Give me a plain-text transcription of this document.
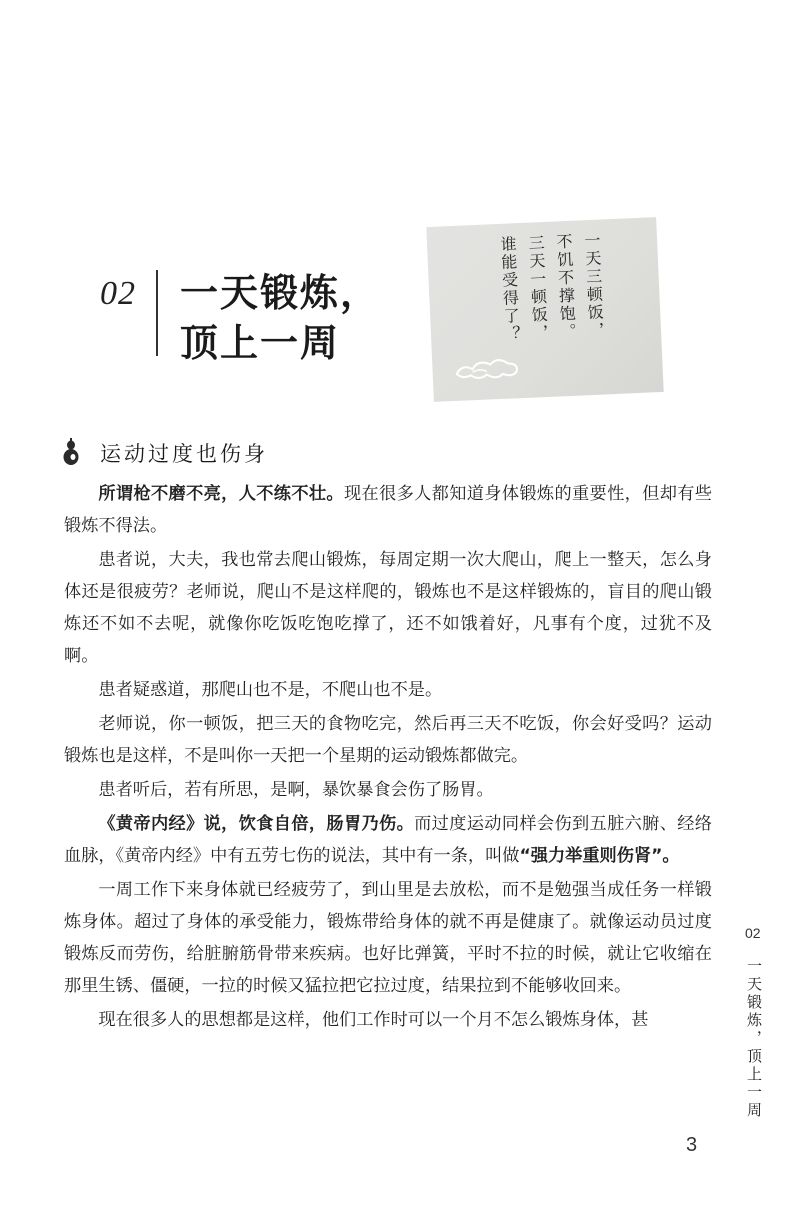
02 一天锻炼，
顶上一周
一天三顿饭，
不饥不撑饱。
三天一顿饭，
谁能受得了？
运动过度也伤身

所谓枪不磨不亮，人不练不壮。现在很多人都知道身体锻炼的重要性，但却有些锻炼不得法。

患者说，大夫，我也常去爬山锻炼，每周定期一次大爬山，爬上一整天，怎么身体还是很疲劳？老师说，爬山不是这样爬的，锻炼也不是这样锻炼的，盲目的爬山锻炼还不如不去呢，就像你吃饭吃饱吃撑了，还不如饿着好，凡事有个度，过犹不及啊。

患者疑惑道，那爬山也不是，不爬山也不是。

老师说，你一顿饭，把三天的食物吃完，然后再三天不吃饭，你会好受吗？运动锻炼也是这样，不是叫你一天把一个星期的运动锻炼都做完。

患者听后，若有所思，是啊，暴饮暴食会伤了肠胃。

《黄帝内经》说，饮食自倍，肠胃乃伤。而过度运动同样会伤到五脏六腑、经络血脉，《黄帝内经》中有五劳七伤的说法，其中有一条，叫做“强力举重则伤肾”。

一周工作下来身体就已经疲劳了，到山里是去放松，而不是勉强当成任务一样锻炼身体。超过了身体的承受能力，锻炼带给身体的就不再是健康了。就像运动员过度锻炼反而劳伤，给脏腑筋骨带来疾病。也好比弹簧，平时不拉的时候，就让它收缩在那里生锈、僵硬，一拉的时候又猛拉把它拉过度，结果拉到不能够收回来。

现在很多人的思想都是这样，他们工作时可以一个月不怎么锻炼身体，甚

02
一天锻炼，顶上一周
3
